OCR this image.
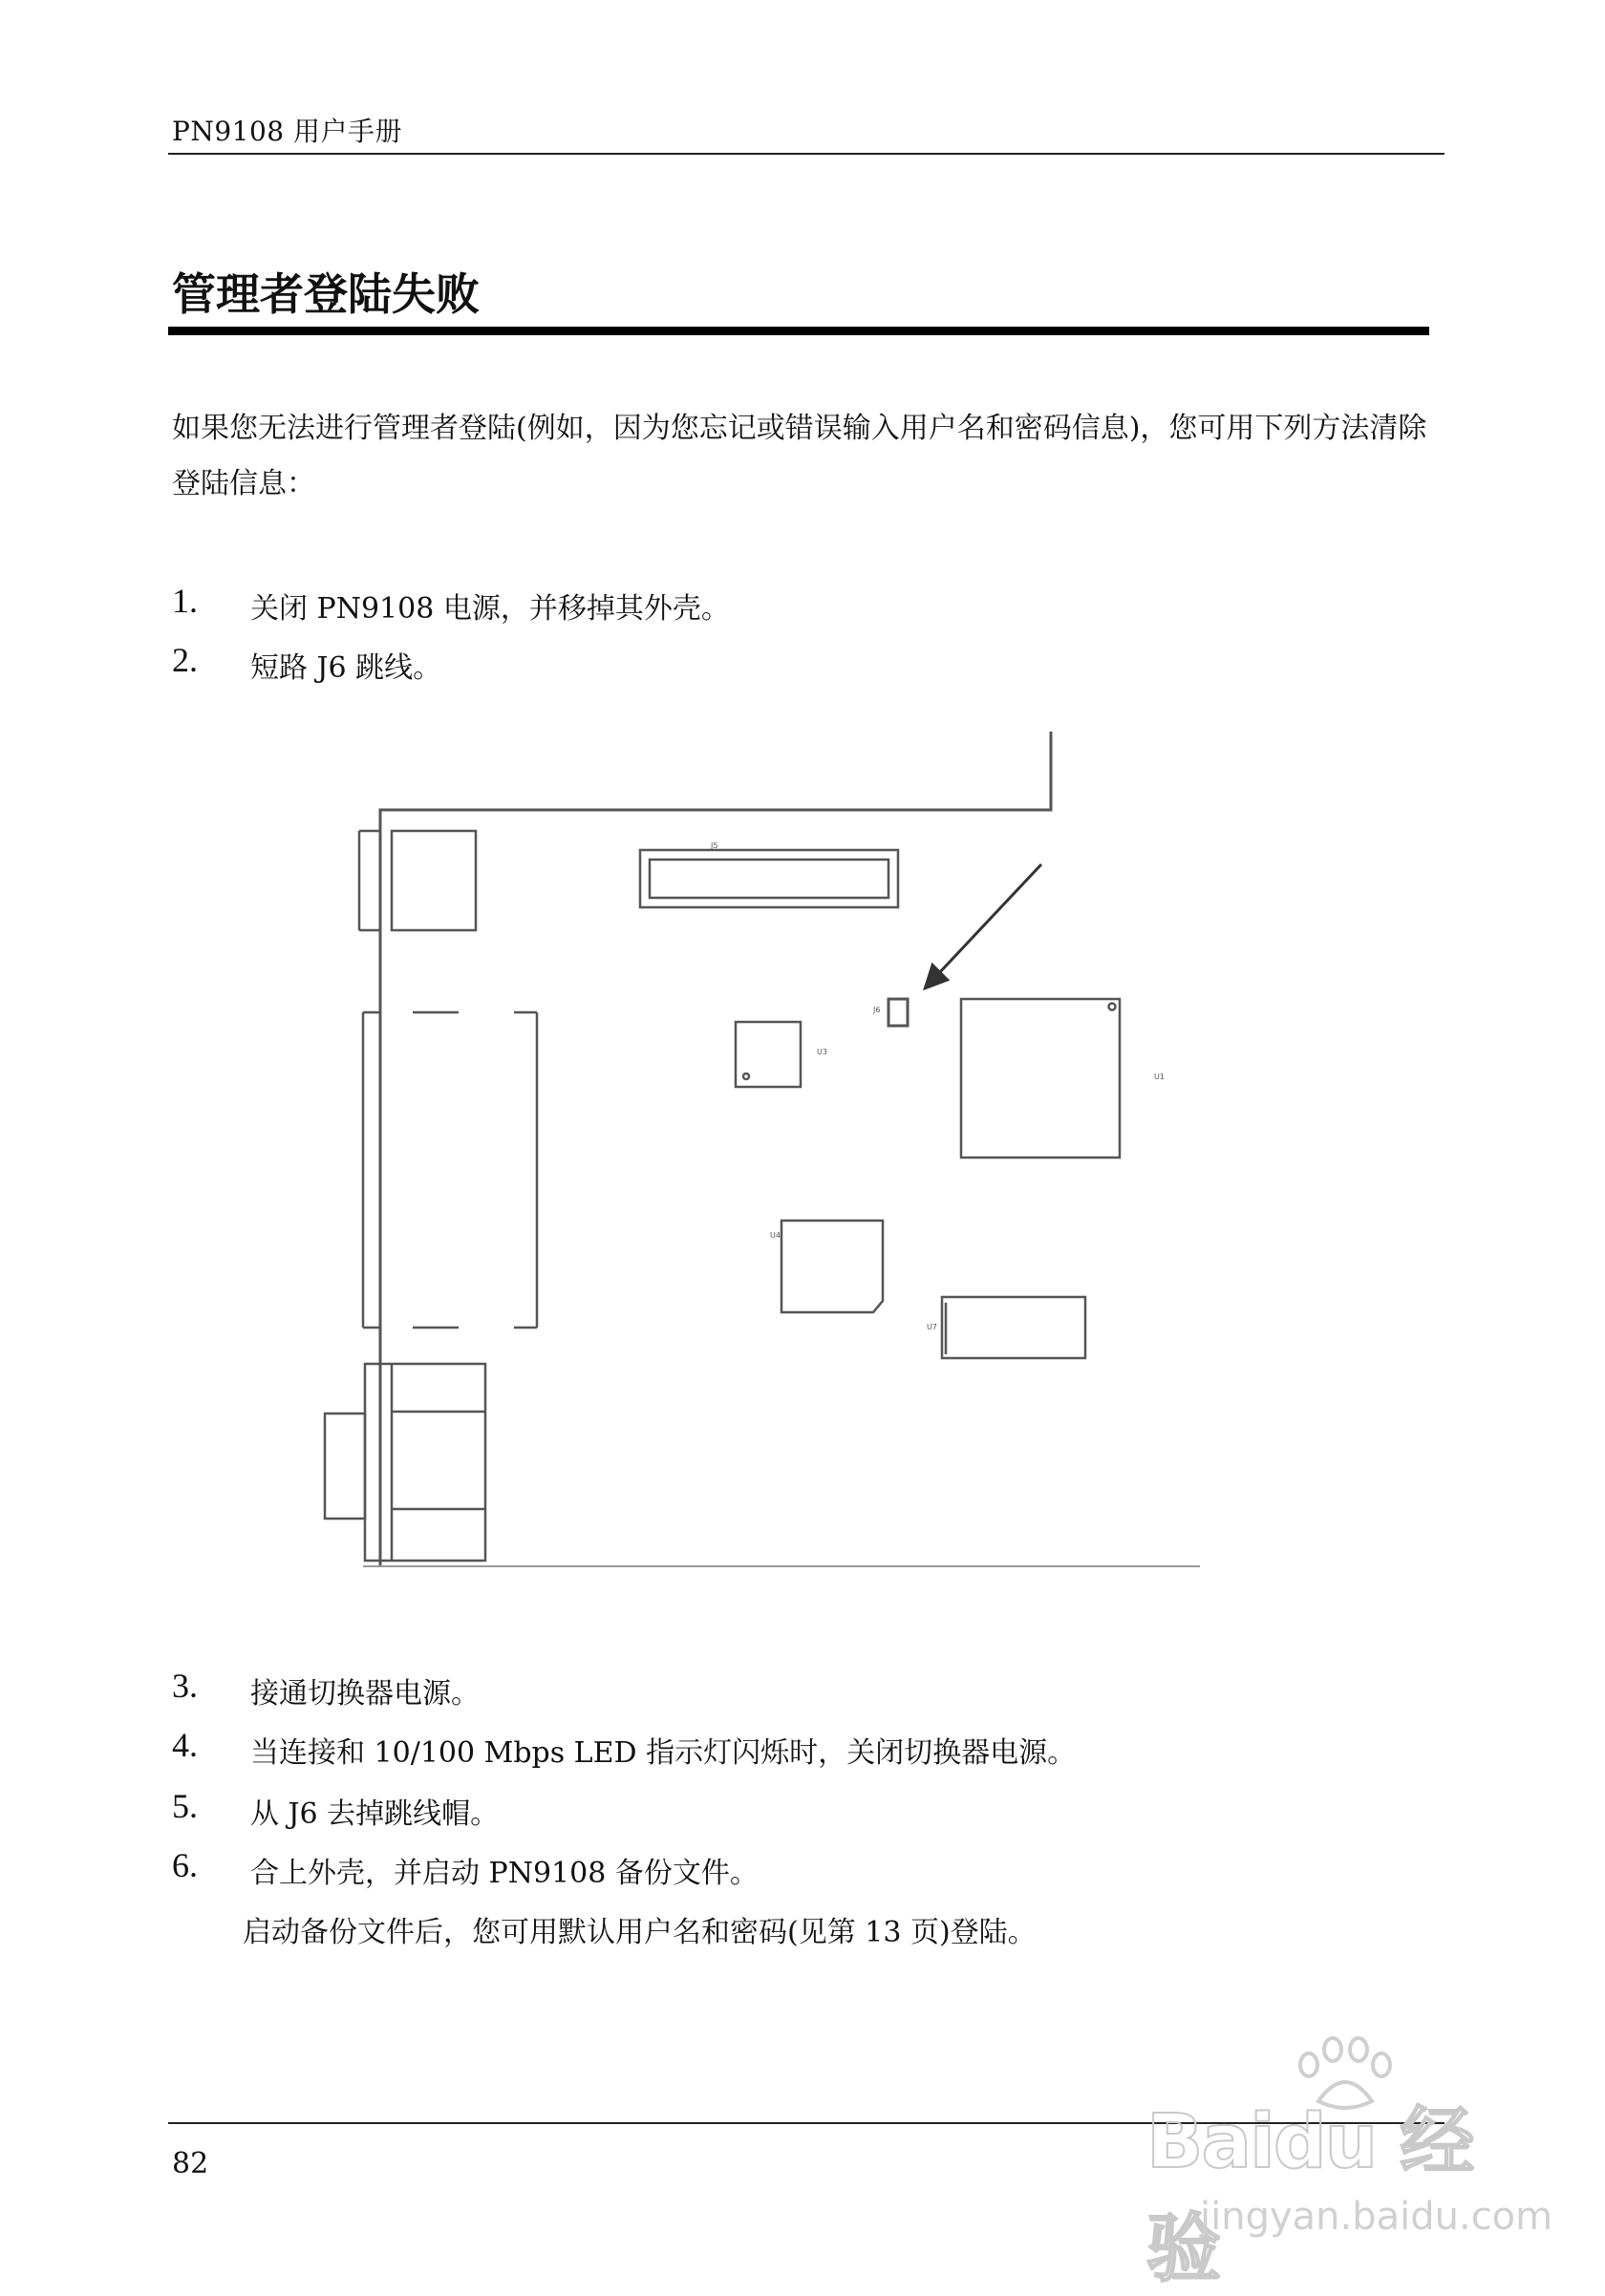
PN9108 用户手册
管理者登陆失败
如果您无法进行管理者登陆(例如，因为您忘记或错误输入用户名和密码信息)，您可用下列方法清除登陆信息：
1. 关闭 PN9108 电源，并移掉其外壳。
2. 短路 J6 跳线。
J5
J6
U3
U1
U4
U7
3. 接通切换器电源。
4. 当连接和 10/100 Mbps LED 指示灯闪烁时，关闭切换器电源。
5. 从 J6 去掉跳线帽。
6. 合上外壳，并启动 PN9108 备份文件。
启动备份文件后，您可用默认用户名和密码(见第 13 页)登陆。
82	Baidu 经验
jingyan.baidu.com
